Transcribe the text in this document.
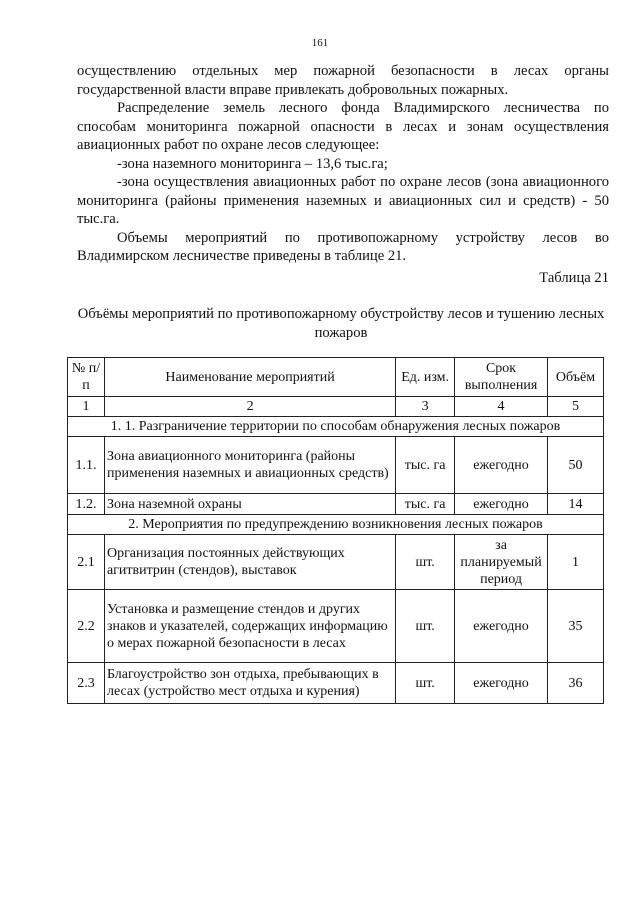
161

осуществлению отдельных мер пожарной безопасности в лесах органы государственной власти вправе привлекать добровольных пожарных.

Распределение земель лесного фонда Владимирского лесничества по способам мониторинга пожарной опасности в лесах и зонам осуществления авиационных работ по охране лесов следующее:

-зона наземного мониторинга – 13,6 тыс.га;

-зона осуществления авиационных работ по охране лесов (зона авиационного мониторинга (районы применения наземных и авиационных сил и средств) - 50 тыс.га.

Объемы мероприятий по противопожарному устройству лесов во Владимирском лесничестве приведены в таблице 21.

Таблица 21
Объёмы мероприятий по противопожарному обустройству лесов и тушению лесных пожаров
№ п/п	Наименование мероприятий	Ед. изм.	Срок выполнения	Объём
1	2	3	4	5
1. 1. Разграничение территории по способам обнаружения лесных пожаров				
1.1.	Зона авиационного мониторинга (районы применения наземных и авиационных средств)	тыс. га	ежегодно	50
1.2.	Зона наземной охраны	тыс. га	ежегодно	14
2. Мероприятия по предупреждению возникновения лесных пожаров				
2.1	Организация постоянных действующих агитвитрин (стендов), выставок	шт.	за планируемый период	1
2.2	Установка и размещение стендов и других знаков и указателей, содержащих информацию о мерах пожарной безопасности в лесах	шт.	ежегодно	35
2.3	Благоустройство зон отдыха, пребывающих в лесах (устройство мест отдыха и курения)	шт.	ежегодно	36
